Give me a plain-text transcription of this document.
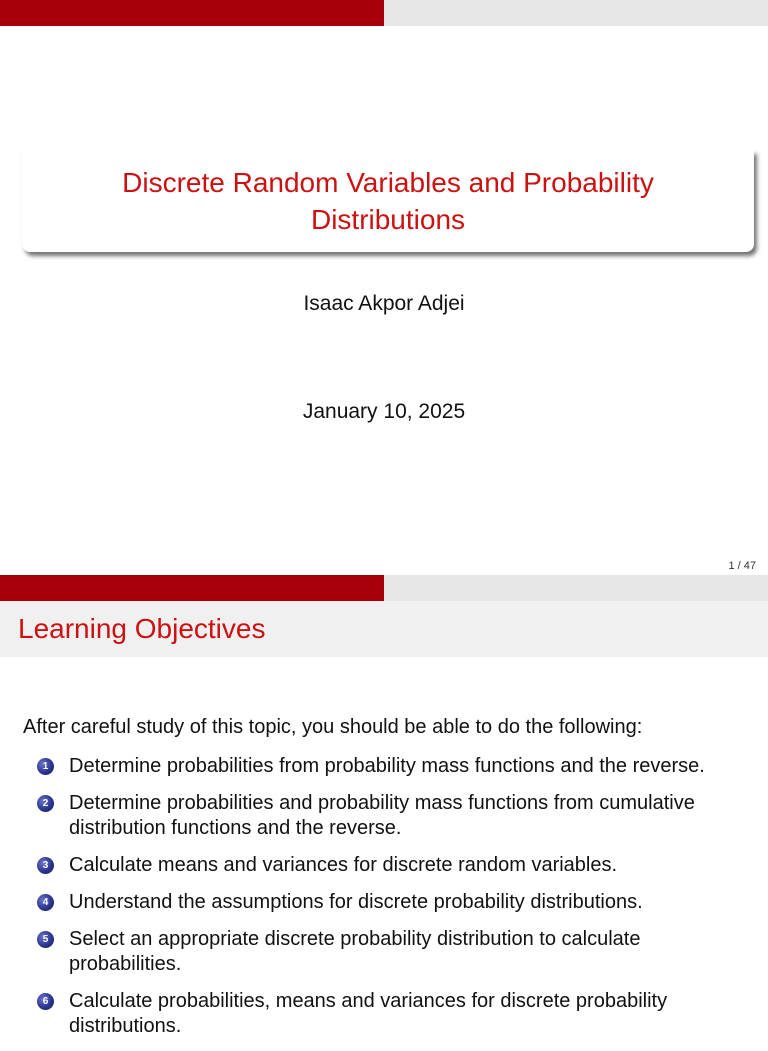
Discrete Random Variables and Probability Distributions
Isaac Akpor Adjei
January 10, 2025
1 / 47
Learning Objectives
After careful study of this topic, you should be able to do the following:
1 Determine probabilities from probability mass functions and the reverse.
2 Determine probabilities and probability mass functions from cumulative distribution functions and the reverse.
3 Calculate means and variances for discrete random variables.
4 Understand the assumptions for discrete probability distributions.
5 Select an appropriate discrete probability distribution to calculate probabilities.
6 Calculate probabilities, means and variances for discrete probability distributions.
